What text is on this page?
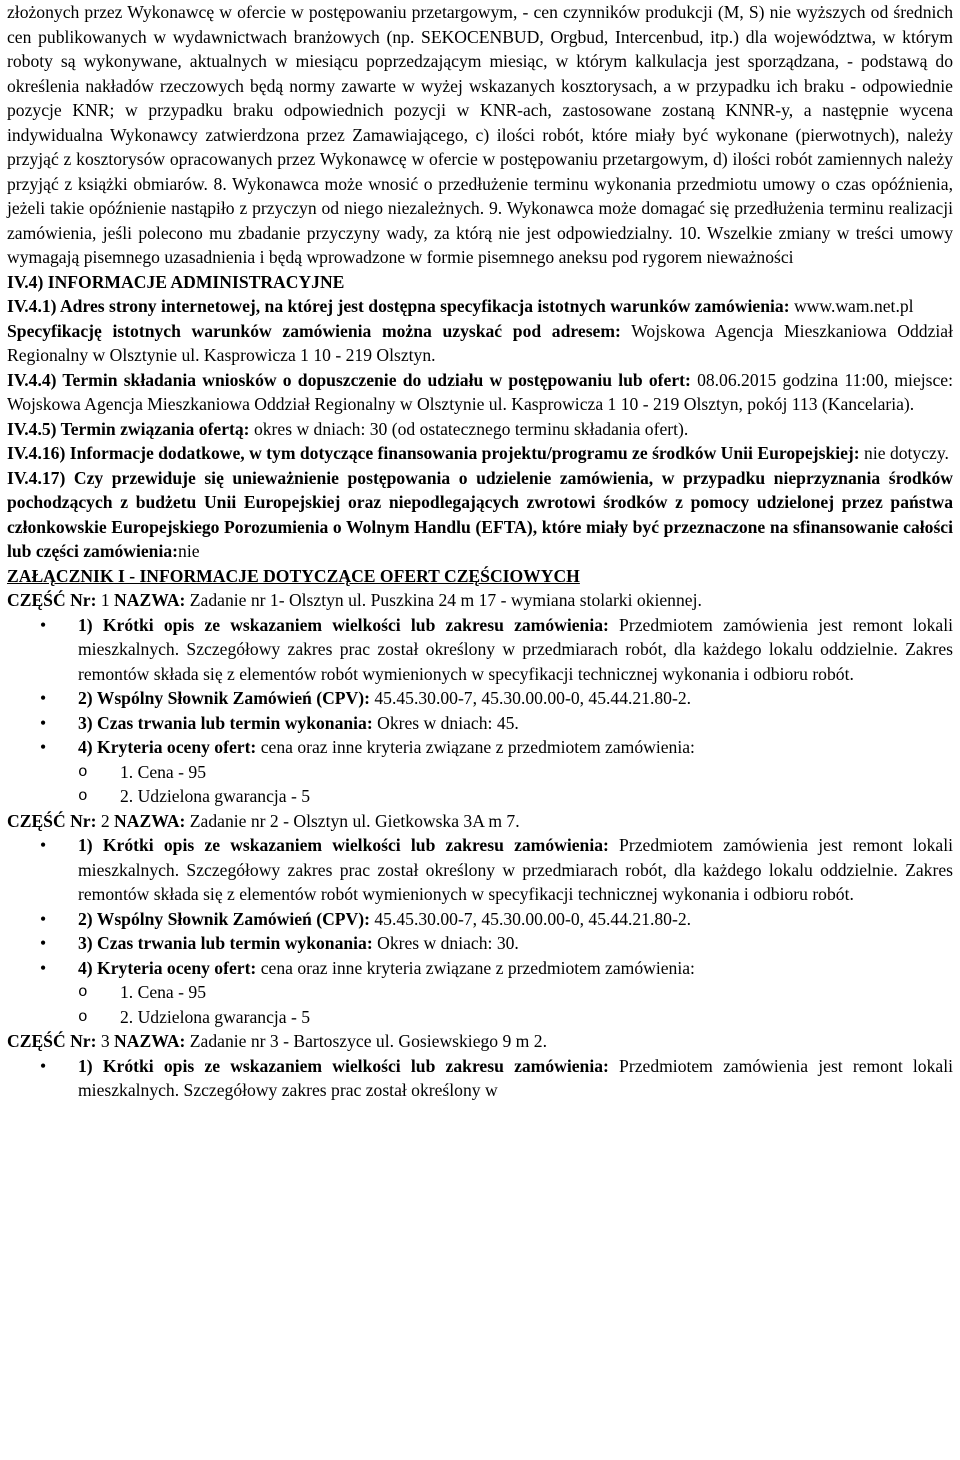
złożonych przez Wykonawcę w ofercie w postępowaniu przetargowym, - cen czynników produkcji (M, S) nie wyższych od średnich cen publikowanych w wydawnictwach branżowych (np. SEKOCENBUD, Orgbud, Intercenbud, itp.) dla województwa, w którym roboty są wykonywane, aktualnych w miesiącu poprzedzającym miesiąc, w którym kalkulacja jest sporządzana, - podstawą do określenia nakładów rzeczowych będą normy zawarte w wyżej wskazanych kosztorysach, a w przypadku ich braku - odpowiednie pozycje KNR; w przypadku braku odpowiednich pozycji w KNR-ach, zastosowane zostaną KNNR-y, a następnie wycena indywidualna Wykonawcy zatwierdzona przez Zamawiającego, c) ilości robót, które miały być wykonane (pierwotnych), należy przyjąć z kosztorysów opracowanych przez Wykonawcę w ofercie w postępowaniu przetargowym, d) ilości robót zamiennych należy przyjąć z książki obmiarów. 8. Wykonawca może wnosić o przedłużenie terminu wykonania przedmiotu umowy o czas opóźnienia, jeżeli takie opóźnienie nastąpiło z przyczyn od niego niezależnych. 9. Wykonawca może domagać się przedłużenia terminu realizacji zamówienia, jeśli polecono mu zbadanie przyczyny wady, za którą nie jest odpowiedzialny. 10. Wszelkie zmiany w treści umowy wymagają pisemnego uzasadnienia i będą wprowadzone w formie pisemnego aneksu pod rygorem nieważności

IV.4) INFORMACJE ADMINISTRACYJNE

IV.4.1) Adres strony internetowej, na której jest dostępna specyfikacja istotnych warunków zamówienia: www.wam.net.pl

Specyfikację istotnych warunków zamówienia można uzyskać pod adresem: Wojskowa Agencja Mieszkaniowa Oddział Regionalny w Olsztynie ul. Kasprowicza 1 10 - 219 Olsztyn.

IV.4.4) Termin składania wniosków o dopuszczenie do udziału w postępowaniu lub ofert: 08.06.2015 godzina 11:00, miejsce: Wojskowa Agencja Mieszkaniowa Oddział Regionalny w Olsztynie ul. Kasprowicza 1 10 - 219 Olsztyn, pokój 113 (Kancelaria).

IV.4.5) Termin związania ofertą: okres w dniach: 30 (od ostatecznego terminu składania ofert).

IV.4.16) Informacje dodatkowe, w tym dotyczące finansowania projektu/programu ze środków Unii Europejskiej: nie dotyczy.

IV.4.17) Czy przewiduje się unieważnienie postępowania o udzielenie zamówienia, w przypadku nieprzyznania środków pochodzących z budżetu Unii Europejskiej oraz niepodlegających zwrotowi środków z pomocy udzielonej przez państwa członkowskie Europejskiego Porozumienia o Wolnym Handlu (EFTA), które miały być przeznaczone na sfinansowanie całości lub części zamówienia:nie

ZAŁĄCZNIK I - INFORMACJE DOTYCZĄCE OFERT CZĘŚCIOWYCH

CZĘŚĆ Nr: 1 NAZWA: Zadanie nr 1- Olsztyn ul. Puszkina 24 m 17 - wymiana stolarki okiennej.

• 1) Krótki opis ze wskazaniem wielkości lub zakresu zamówienia: Przedmiotem zamówienia jest remont lokali mieszkalnych. Szczegółowy zakres prac został określony w przedmiarach robót, dla każdego lokalu oddzielnie. Zakres remontów składa się z elementów robót wymienionych w specyfikacji technicznej wykonania i odbioru robót.
• 2) Wspólny Słownik Zamówień (CPV): 45.45.30.00-7, 45.30.00.00-0, 45.44.21.80-2.
• 3) Czas trwania lub termin wykonania: Okres w dniach: 45.
• 4) Kryteria oceny ofert: cena oraz inne kryteria związane z przedmiotem zamówienia:
o 1. Cena - 95
o 2. Udzielona gwarancja - 5

CZĘŚĆ Nr: 2 NAZWA: Zadanie nr 2 - Olsztyn ul. Gietkowska 3A m 7.

• 1) Krótki opis ze wskazaniem wielkości lub zakresu zamówienia: Przedmiotem zamówienia jest remont lokali mieszkalnych. Szczegółowy zakres prac został określony w przedmiarach robót, dla każdego lokalu oddzielnie. Zakres remontów składa się z elementów robót wymienionych w specyfikacji technicznej wykonania i odbioru robót.
• 2) Wspólny Słownik Zamówień (CPV): 45.45.30.00-7, 45.30.00.00-0, 45.44.21.80-2.
• 3) Czas trwania lub termin wykonania: Okres w dniach: 30.
• 4) Kryteria oceny ofert: cena oraz inne kryteria związane z przedmiotem zamówienia:
o 1. Cena - 95
o 2. Udzielona gwarancja - 5

CZĘŚĆ Nr: 3 NAZWA: Zadanie nr 3 - Bartoszyce ul. Gosiewskiego 9 m 2.

• 1) Krótki opis ze wskazaniem wielkości lub zakresu zamówienia: Przedmiotem zamówienia jest remont lokali mieszkalnych. Szczegółowy zakres prac został określony w
